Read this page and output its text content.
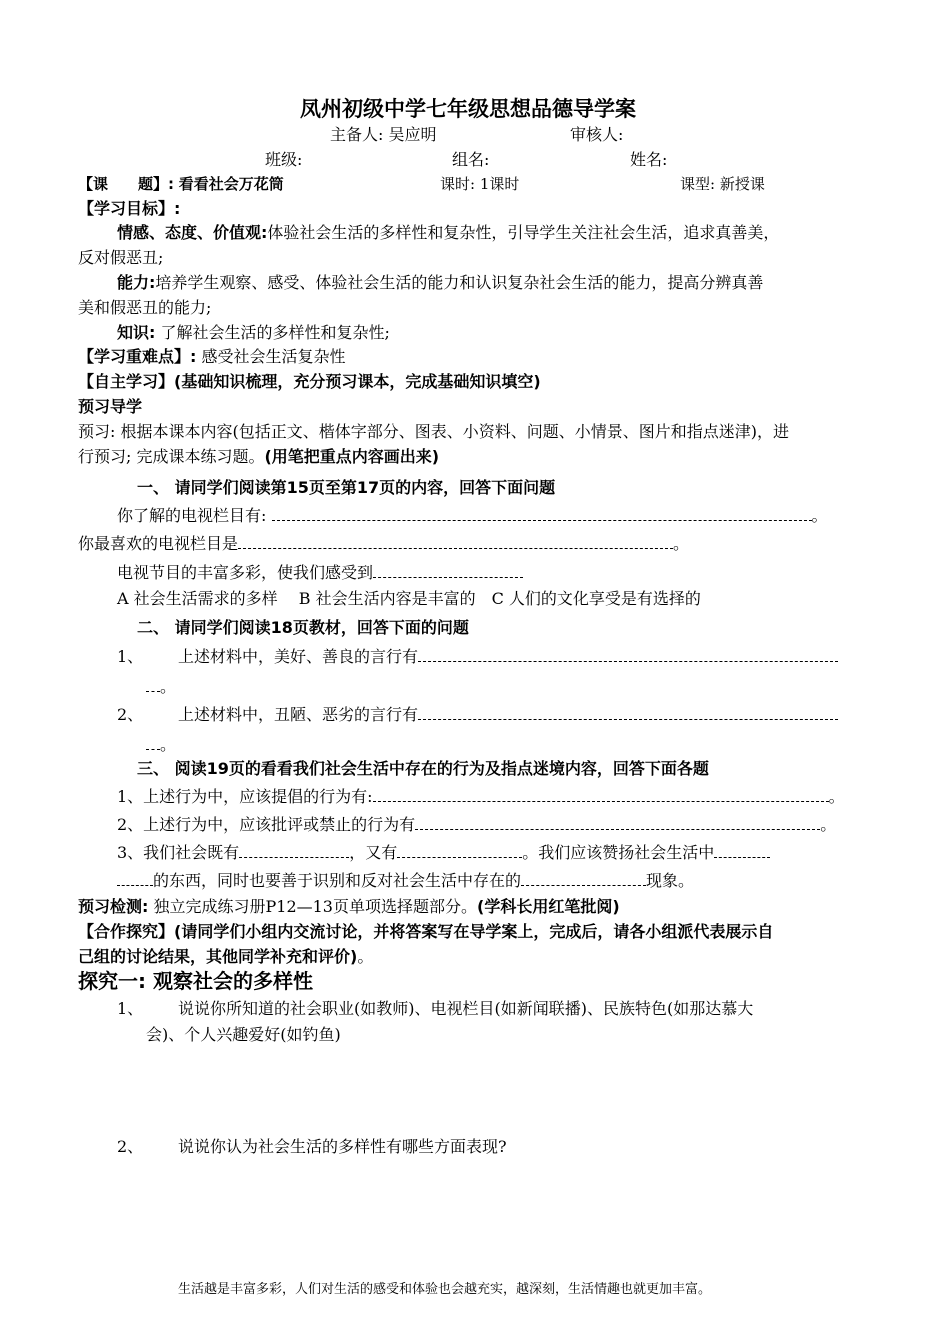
凤州初级中学七年级思想品德导学案
主备人: 吴应明	审核人:
班级:	组名:	姓名:
【课　　题】: 看看社会万花筒	课时: 1课时	课型: 新授课
【学习目标】:
情感、态度、价值观:体验社会生活的多样性和复杂性，引导学生关注社会生活，追求真善美，
反对假恶丑;
能力:培养学生观察、感受、体验社会生活的能力和认识复杂社会生活的能力，提高分辨真善
美和假恶丑的能力;
知识: 了解社会生活的多样性和复杂性;
【学习重难点】: 感受社会生活复杂性
【自主学习】(基础知识梳理，充分预习课本，完成基础知识填空)
预习导学
预习: 根据本课本内容(包括正文、楷体字部分、图表、小资料、问题、小情景、图片和指点迷津)，进
行预习; 完成课本练习题。(用笔把重点内容画出来)
一、 请同学们阅读第15页至第17页的内容，回答下面问题
你了解的电视栏目有:	。
你最喜欢的电视栏目是	。
电视节目的丰富多彩，使我们感受到
A 社会生活需求的多样　 B 社会生活内容是丰富的　C 人们的文化享受是有选择的
二、 请同学们阅读18页教材，回答下面的问题
1、 上述材料中，美好、善良的言行有
。
2、 上述材料中，丑陋、恶劣的言行有
。
三、 阅读19页的看看我们社会生活中存在的行为及指点迷境内容，回答下面各题
1、上述行为中，应该提倡的行为有:	。
2、上述行为中，应该批评或禁止的行为有	。
3、我们社会既有	，又有	。我们应该赞扬社会生活中
的东西，同时也要善于识别和反对社会生活中存在的	现象。
预习检测: 独立完成练习册P12—13页单项选择题部分。(学科长用红笔批阅)
【合作探究】(请同学们小组内交流讨论，并将答案写在导学案上，完成后，请各小组派代表展示自
己组的讨论结果，其他同学补充和评价)。
探究一: 观察社会的多样性
1、 说说你所知道的社会职业(如教师)、电视栏目(如新闻联播)、民族特色(如那达慕大
会)、个人兴趣爱好(如钓鱼)
2、 说说你认为社会生活的多样性有哪些方面表现?
生活越是丰富多彩，人们对生活的感受和体验也会越充实，越深刻，生活情趣也就更加丰富。
